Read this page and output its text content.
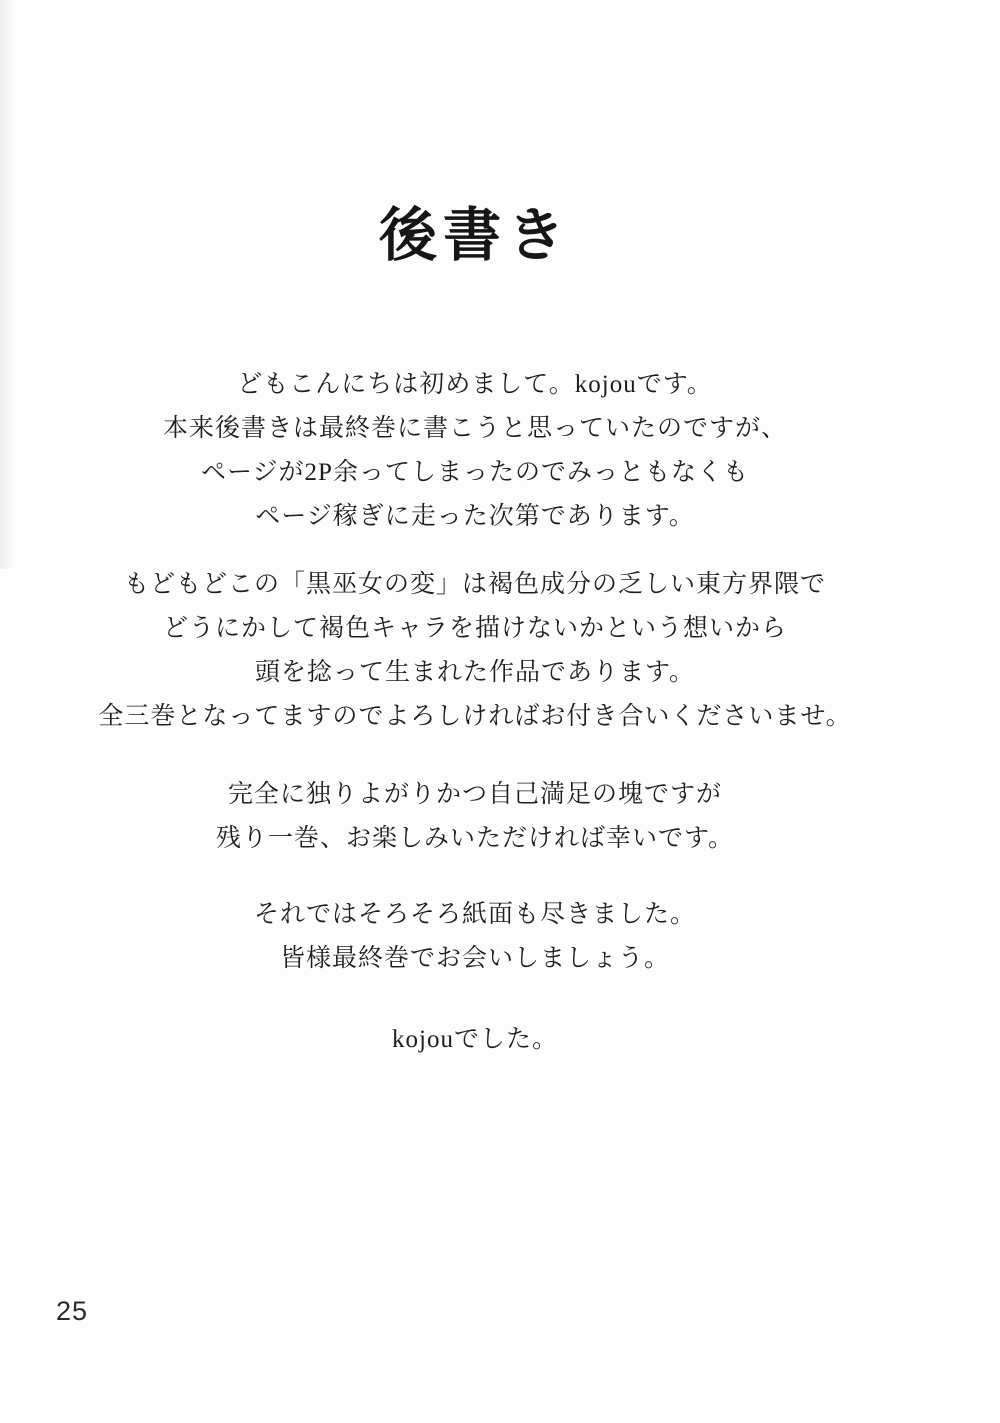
後書き
どもこんにちは初めまして。kojouです。
本来後書きは最終巻に書こうと思っていたのですが、
ページが2P余ってしまったのでみっともなくも
ページ稼ぎに走った次第であります。
もどもどこの「黒巫女の変」は褐色成分の乏しい東方界隈で
どうにかして褐色キャラを描けないかという想いから
頭を捻って生まれた作品であります。
全三巻となってますのでよろしければお付き合いくださいませ。
完全に独りよがりかつ自己満足の塊ですが
残り一巻、お楽しみいただければ幸いです。
それではそろそろ紙面も尽きました。
皆様最終巻でお会いしましょう。
kojouでした。
25
